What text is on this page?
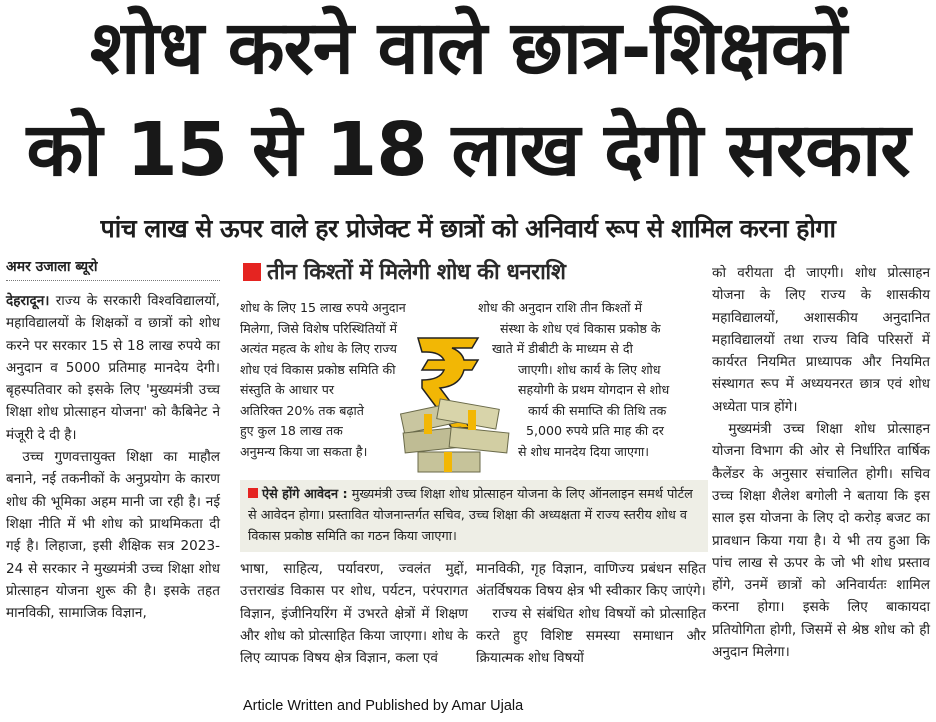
शोध करने वाले छात्र-शिक्षकों
को 15 से 18 लाख देगी सरकार
पांच लाख से ऊपर वाले हर प्रोजेक्ट में छात्रों को अनिवार्य रूप से शामिल करना होगा
अमर उजाला ब्यूरो

देहरादून। राज्य के सरकारी विश्वविद्यालयों, महाविद्यालयों के शिक्षकों व छात्रों को शोध करने पर सरकार 15 से 18 लाख रुपये का अनुदान व 5000 प्रतिमाह मानदेय देगी। बृहस्पतिवार को इसके लिए 'मुख्यमंत्री उच्च शिक्षा शोध प्रोत्साहन योजना' को कैबिनेट ने मंजूरी दे दी है।

उच्च गुणवत्तायुक्त शिक्षा का माहौल बनाने, नई तकनीकों के अनुप्रयोग के कारण शोध की भूमिका अहम मानी जा रही है। नई शिक्षा नीति में भी शोध को प्राथमिकता दी गई है। लिहाजा, इसी शैक्षिक सत्र 2023-24 से सरकार ने मुख्यमंत्री उच्च शिक्षा शोध प्रोत्साहन योजना शुरू की है। इसके तहत मानविकी, सामाजिक विज्ञान,

तीन किश्तों में मिलेगी शोध की धनराशि
शोध के लिए 15 लाख रुपये अनुदान
मिलेगा, जिसे विशेष परिस्थितियों में
अत्यंत महत्व के शोध के लिए राज्य
शोध एवं विकास प्रकोष्ठ समिति की
संस्तुति के आधार पर
अतिरिक्त 20% तक बढ़ाते
हुए कुल 18 लाख तक
अनुमन्य किया जा सकता है।
शोध की अनुदान राशि तीन किश्तों में
संस्था के शोध एवं विकास प्रकोष्ठ के
खाते में डीबीटी के माध्यम से दी
जाएगी। शोध कार्य के लिए शोध
सहयोगी के प्रथम योगदान से शोध
कार्य की समाप्ति की तिथि तक
5,000 रुपये प्रति माह की दर
से शोध मानदेय दिया जाएगा।
ऐसे होंगे आवेदन : मुख्यमंत्री उच्च शिक्षा शोध प्रोत्साहन योजना के लिए ऑनलाइन समर्थ पोर्टल से आवेदन होगा। प्रस्तावित योजनान्तर्गत सचिव, उच्च शिक्षा की अध्यक्षता में राज्य स्तरीय शोध व विकास प्रकोष्ठ समिति का गठन किया जाएगा।

भाषा, साहित्य, पर्यावरण, ज्वलंत मुद्दों, उत्तराखंड विकास पर शोध, पर्यटन, परंपरागत विज्ञान, इंजीनियरिंग में उभरते क्षेत्रों में शिक्षण और शोध को प्रोत्साहित किया जाएगा। शोध के लिए व्यापक विषय क्षेत्र विज्ञान, कला एवं

मानविकी, गृह विज्ञान, वाणिज्य प्रबंधन सहित अंतर्विषयक विषय क्षेत्र भी स्वीकार किए जाएंगे।

राज्य से संबंधित शोध विषयों को प्रोत्साहित करते हुए विशिष्ट समस्या समाधान और क्रियात्मक शोध विषयों

को वरीयता दी जाएगी। शोध प्रोत्साहन योजना के लिए राज्य के शासकीय महाविद्यालयों, अशासकीय अनुदानित महाविद्यालयों तथा राज्य विवि परिसरों में कार्यरत नियमित प्राध्यापक और नियमित संस्थागत रूप में अध्ययनरत छात्र एवं शोध अध्येता पात्र होंगे।

मुख्यमंत्री उच्च शिक्षा शोध प्रोत्साहन योजना विभाग की ओर से निर्धारित वार्षिक कैलेंडर के अनुसार संचालित होगी। सचिव उच्च शिक्षा शैलेश बगोली ने बताया कि इस साल इस योजना के लिए दो करोड़ बजट का प्रावधान किया गया है। ये भी तय हुआ कि पांच लाख से ऊपर के जो भी शोध प्रस्ताव होंगे, उनमें छात्रों को अनिवार्यतः शामिल करना होगा। इसके लिए बाकायदा प्रतियोगिता होगी, जिसमें से श्रेष्ठ शोध को ही अनुदान मिलेगा।

Article Written and Published by Amar Ujala
